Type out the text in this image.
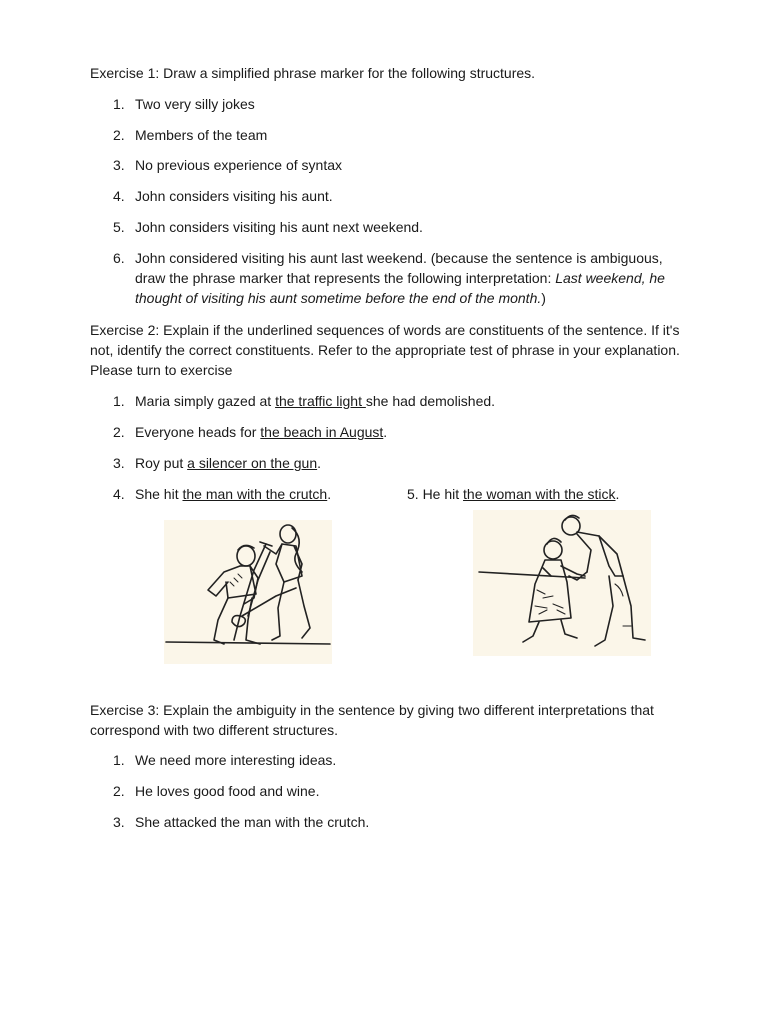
Exercise 1: Draw a simplified phrase marker for the following structures.
1. Two very silly jokes
2. Members of the team
3. No previous experience of syntax
4. John considers visiting his aunt.
5. John considers visiting his aunt next weekend.
6. John considered visiting his aunt last weekend. (because the sentence is ambiguous, draw the phrase marker that represents the following interpretation: Last weekend, he thought of visiting his aunt sometime before the end of the month.)
Exercise 2: Explain if the underlined sequences of words are constituents of the sentence. If it's not, identify the correct constituents. Refer to the appropriate test of phrase in your explanation. Please turn to exercise
1. Maria simply gazed at the traffic light she had demolished.
2. Everyone heads for the beach in August.
3. Roy put a silencer on the gun.
4. She hit the man with the crutch.	5. He hit the woman with the stick.
Exercise 3: Explain the ambiguity in the sentence by giving two different interpretations that correspond with two different structures.
1. We need more interesting ideas.
2. He loves good food and wine.
3. She attacked the man with the crutch.
